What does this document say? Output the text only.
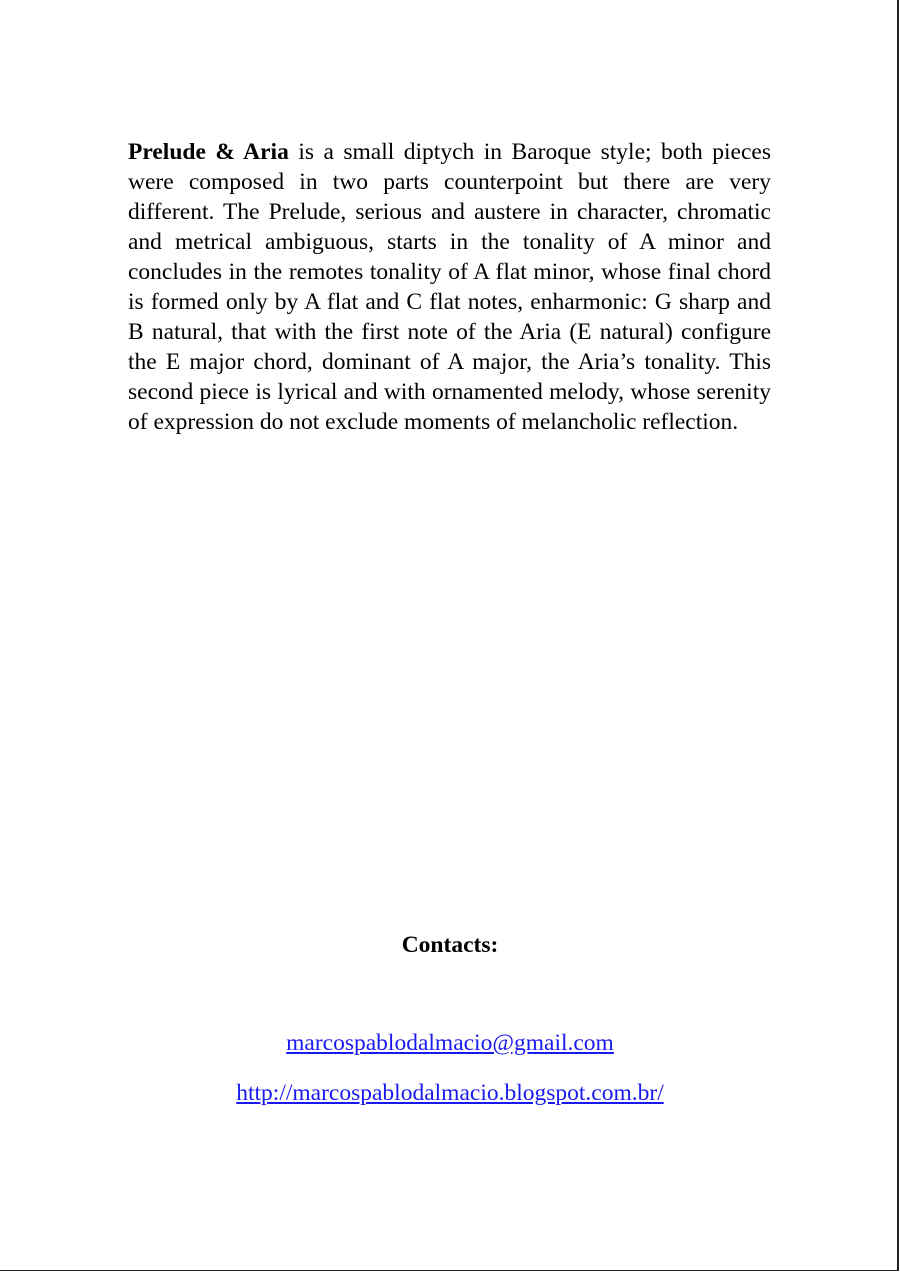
Prelude & Aria is a small diptych in Baroque style; both pieces were composed in two parts counterpoint but there are very different. The Prelude, serious and austere in character, chromatic and metrical ambiguous, starts in the tonality of A minor and concludes in the remotes tonality of A flat minor, whose final chord is formed only by A flat and C flat notes, enharmonic: G sharp and B natural, that with the first note of the Aria (E natural) configure the E major chord, dominant of A major, the Aria’s tonality. This second piece is lyrical and with ornamented melody, whose serenity of expression do not exclude moments of melancholic reflection.

Contacts:

marcospablodalmacio@gmail.com
http://marcospablodalmacio.blogspot.com.br/
